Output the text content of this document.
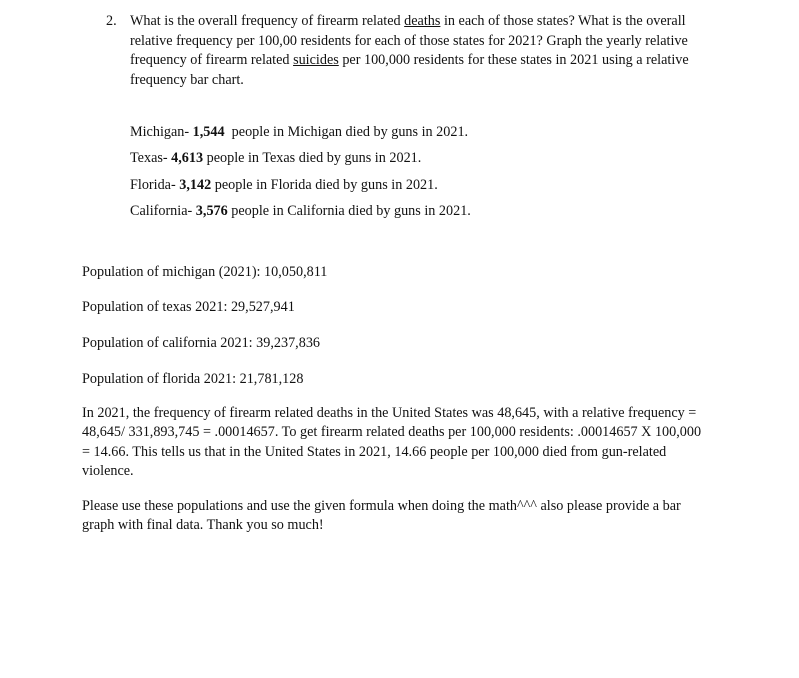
2. What is the overall frequency of firearm related deaths in each of those states? What is the overall relative frequency per 100,00 residents for each of those states for 2021? Graph the yearly relative frequency of firearm related suicides per 100,000 residents for these states in 2021 using a relative frequency bar chart.
Michigan- 1,544  people in Michigan died by guns in 2021.
Texas- 4,613 people in Texas died by guns in 2021.
Florida- 3,142 people in Florida died by guns in 2021.
California- 3,576 people in California died by guns in 2021.
Population of michigan (2021): 10,050,811
Population of texas 2021: 29,527,941
Population of california 2021: 39,237,836
Population of florida 2021: 21,781,128
In 2021, the frequency of firearm related deaths in the United States was 48,645, with a relative frequency = 48,645/ 331,893,745 = .00014657. To get firearm related deaths per 100,000 residents: .00014657 X 100,000 = 14.66. This tells us that in the United States in 2021, 14.66 people per 100,000 died from gun-related violence.
Please use these populations and use the given formula when doing the math^^^ also please provide a bar graph with final data. Thank you so much!
